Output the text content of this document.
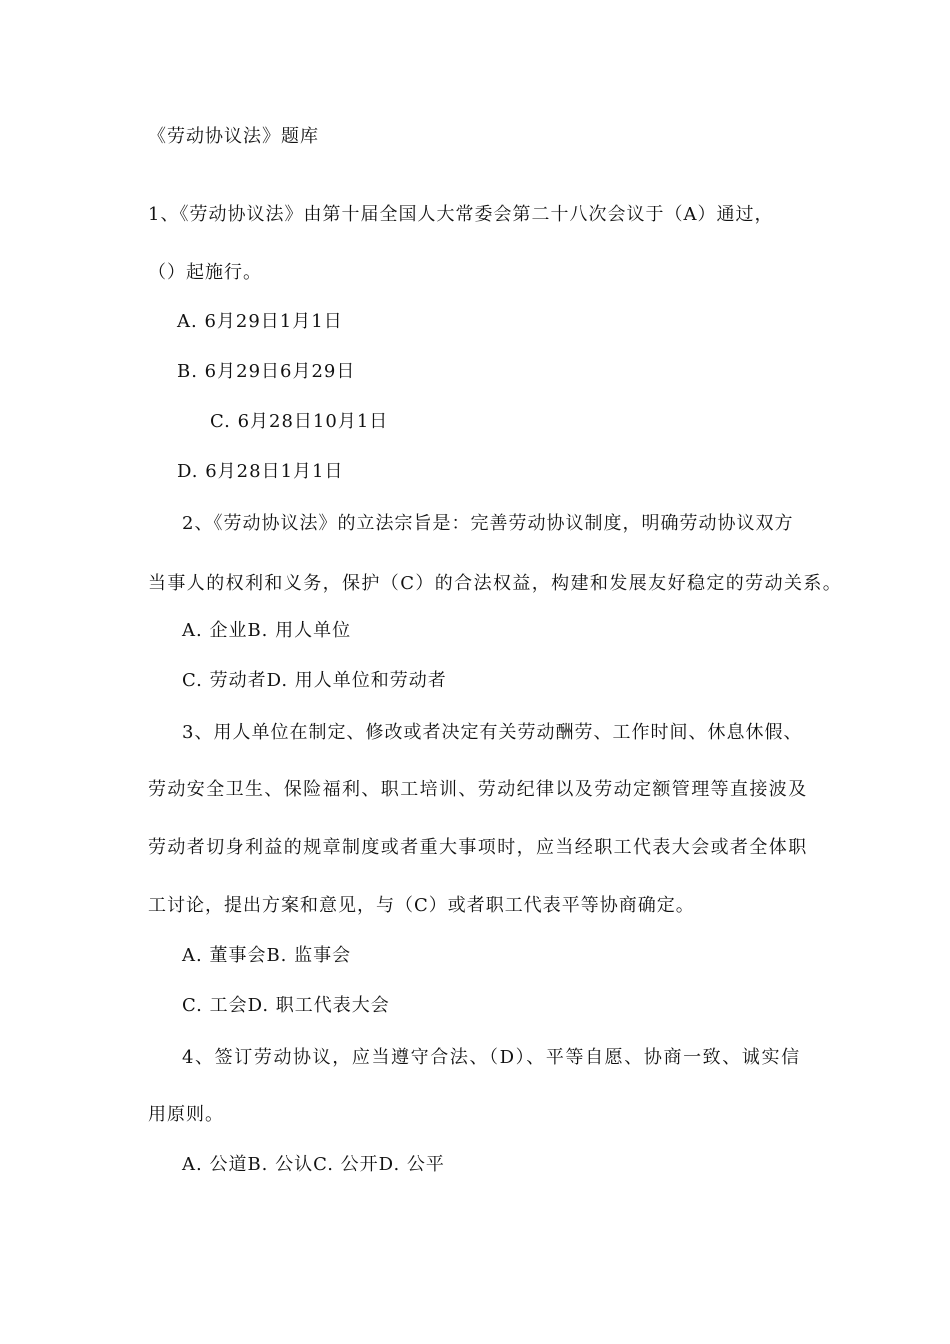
《劳动协议法》题库
1、《劳动协议法》由第十届全国人大常委会第二十八次会议于（A）通过，
（）起施行。
A. 6月29日1月1日
B. 6月29日6月29日
C. 6月28日10月1日
D. 6月28日1月1日
2、《劳动协议法》的立法宗旨是：完善劳动协议制度，明确劳动协议双方
当事人的权利和义务，保护（C）的合法权益，构建和发展友好稳定的劳动关系。
A. 企业B. 用人单位
C. 劳动者D. 用人单位和劳动者
3、用人单位在制定、修改或者决定有关劳动酬劳、工作时间、休息休假、
劳动安全卫生、保险福利、职工培训、劳动纪律以及劳动定额管理等直接波及
劳动者切身利益的规章制度或者重大事项时，应当经职工代表大会或者全体职
工讨论，提出方案和意见，与（C）或者职工代表平等协商确定。
A. 董事会B. 监事会
C. 工会D. 职工代表大会
4、签订劳动协议，应当遵守合法、（D）、平等自愿、协商一致、诚实信
用原则。
A. 公道B. 公认C. 公开D. 公平
